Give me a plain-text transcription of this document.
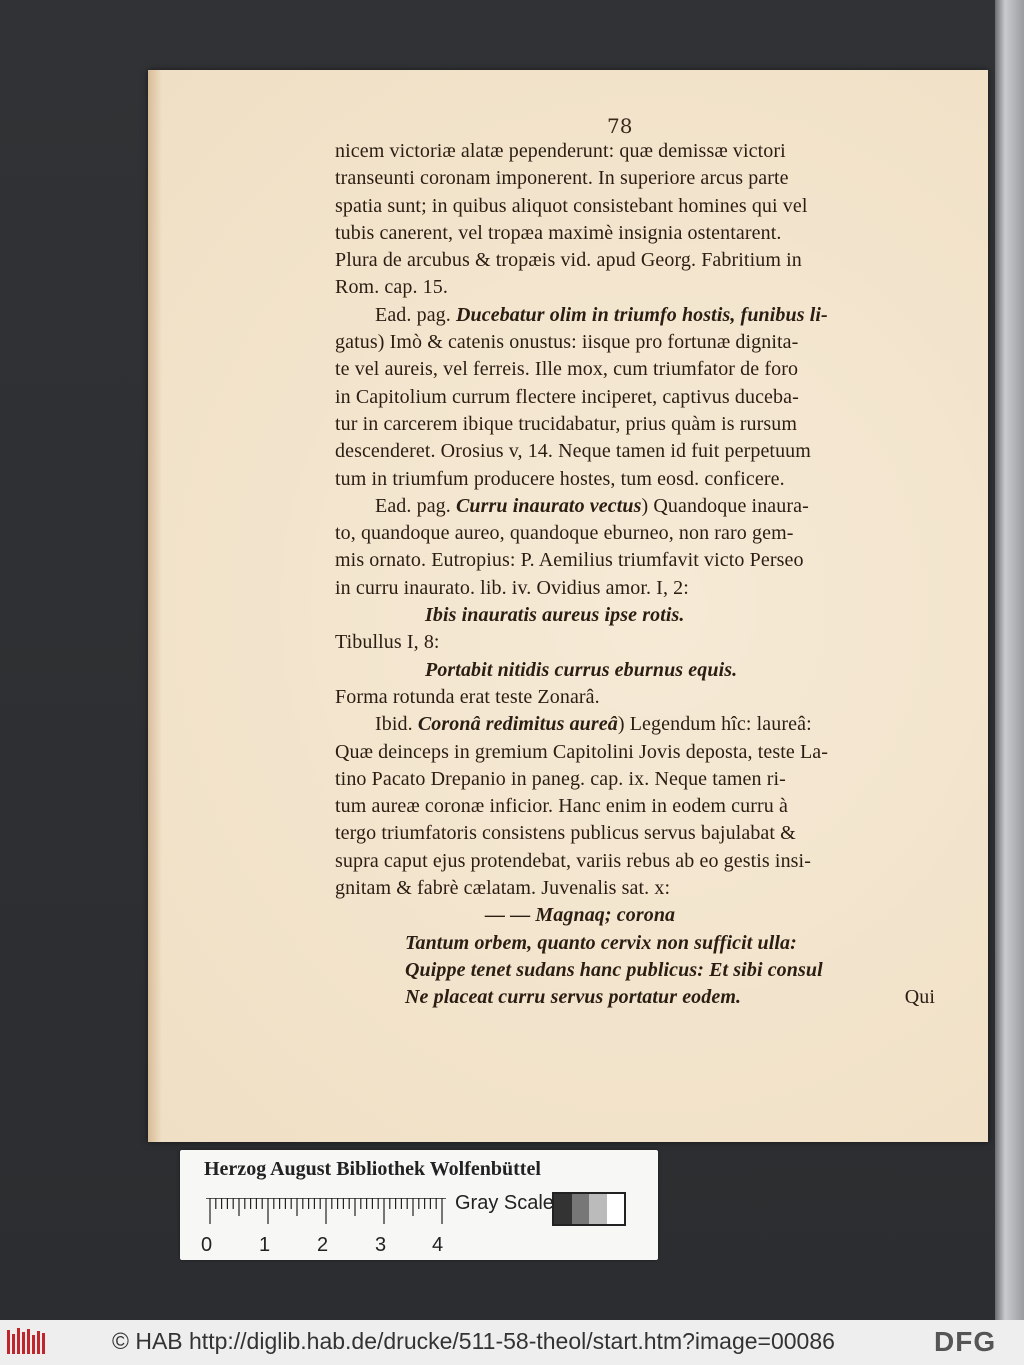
78
nicem victoriæ alatæ pependerunt: quæ demissæ victori
transeunti coronam imponerent. In superiore arcus parte
spatia sunt; in quibus aliquot consistebant homines qui vel
tubis canerent, vel tropæa maximè insignia ostentarent.
Plura de arcubus & tropæis vid. apud Georg. Fabritium in
Rom. cap. 15.
Ead. pag. Ducebatur olim in triumfo hostis, funibus li-
gatus) Imò & catenis onustus: iisque pro fortunæ dignita-
te vel aureis, vel ferreis. Ille mox, cum triumfator de foro
in Capitolium currum flectere inciperet, captivus duceba-
tur in carcerem ibique trucidabatur, prius quàm is rursum
descenderet. Orosius v, 14. Neque tamen id fuit perpetuum
tum in triumfum producere hostes, tum eosd. conficere.
Ead. pag. Curru inaurato vectus) Quandoque inaura-
to, quandoque aureo, quandoque eburneo, non raro gem-
mis ornato. Eutropius: P. Aemilius triumfavit victo Perseo
in curru inaurato. lib. iv. Ovidius amor. I, 2:
Ibis inauratis aureus ipse rotis.
Tibullus I, 8:
Portabit nitidis currus eburnus equis.
Forma rotunda erat teste Zonarâ.
Ibid. Coronâ redimitus aureâ) Legendum hîc: laureâ:
Quæ deinceps in gremium Capitolini Jovis deposta, teste La-
tino Pacato Drepanio in paneg. cap. ix. Neque tamen ri-
tum aureæ coronæ inficior. Hanc enim in eodem curru à
tergo triumfatoris consistens publicus servus bajulabat &
supra caput ejus protendebat, variis rebus ab eo gestis insi-
gnitam & fabrè cælatam. Juvenalis sat. x:
— — Magnaq; corona
Tantum orbem, quanto cervix non sufficit ulla:
Quippe tenet sudans hanc publicus: Et sibi consul
Ne placeat curru servus portatur eodem.	Qui
Herzog August Bibliothek Wolfenbüttel
Gray Scale
0 1 2 3 4
© HAB http://diglib.hab.de/drucke/511-58-theol/start.htm?image=00086	DFG
